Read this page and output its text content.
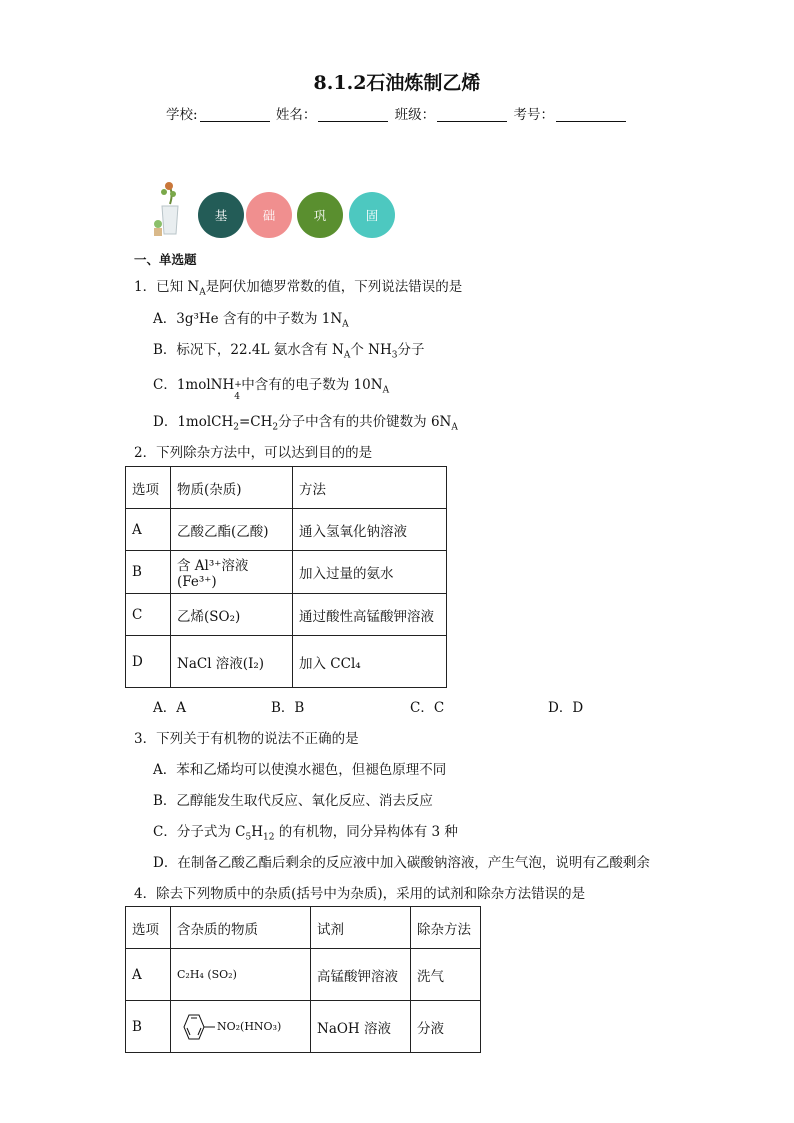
8.1.2石油炼制乙烯
学校:	姓名：	班级：	考号：
基	础	巩	固
一、单选题
1．已知 $N_A$是阿伏加德罗常数的值，下列说法错误的是
A．3g³He 含有的中子数为 $1N_A$
B．标况下，22.4L 氨水含有 $N_A$个 $NH_3$分子
C．1molNH +
4
中含有的电子数为 $10N_A$
D．$1molCH_2=CH_2$分子中含有的共价键数为 $6N_A$
2．下列除杂方法中，可以达到目的的是
选项	物质(杂质)	方法
A	乙酸乙酯(乙酸)	通入氢氧化钠溶液
B	含 Al³⁺溶液(Fe³⁺)	加入过量的氨水
C	乙烯(SO₂)	通过酸性高锰酸钾溶液
D	NaCl 溶液(I₂)	加入 CCl₄
A．A	B．B	C．C	D．D
3．下列关于有机物的说法不正确的是
A．苯和乙烯均可以使溴水褪色，但褪色原理不同
B．乙醇能发生取代反应、氧化反应、消去反应
C．分子式为 $C_5H_{12}$ 的有机物，同分异构体有 3 种
D．在制备乙酸乙酯后剩余的反应液中加入碳酸钠溶液，产生气泡，说明有乙酸剩余
4．除去下列物质中的杂质(括号中为杂质)，采用的试剂和除杂方法错误的是
选项	含杂质的物质	试剂	除杂方法
A	C₂H₄ (SO₂)	高锰酸钾溶液	洗气
B	NO₂(HNO₃)	NaOH 溶液	分液
